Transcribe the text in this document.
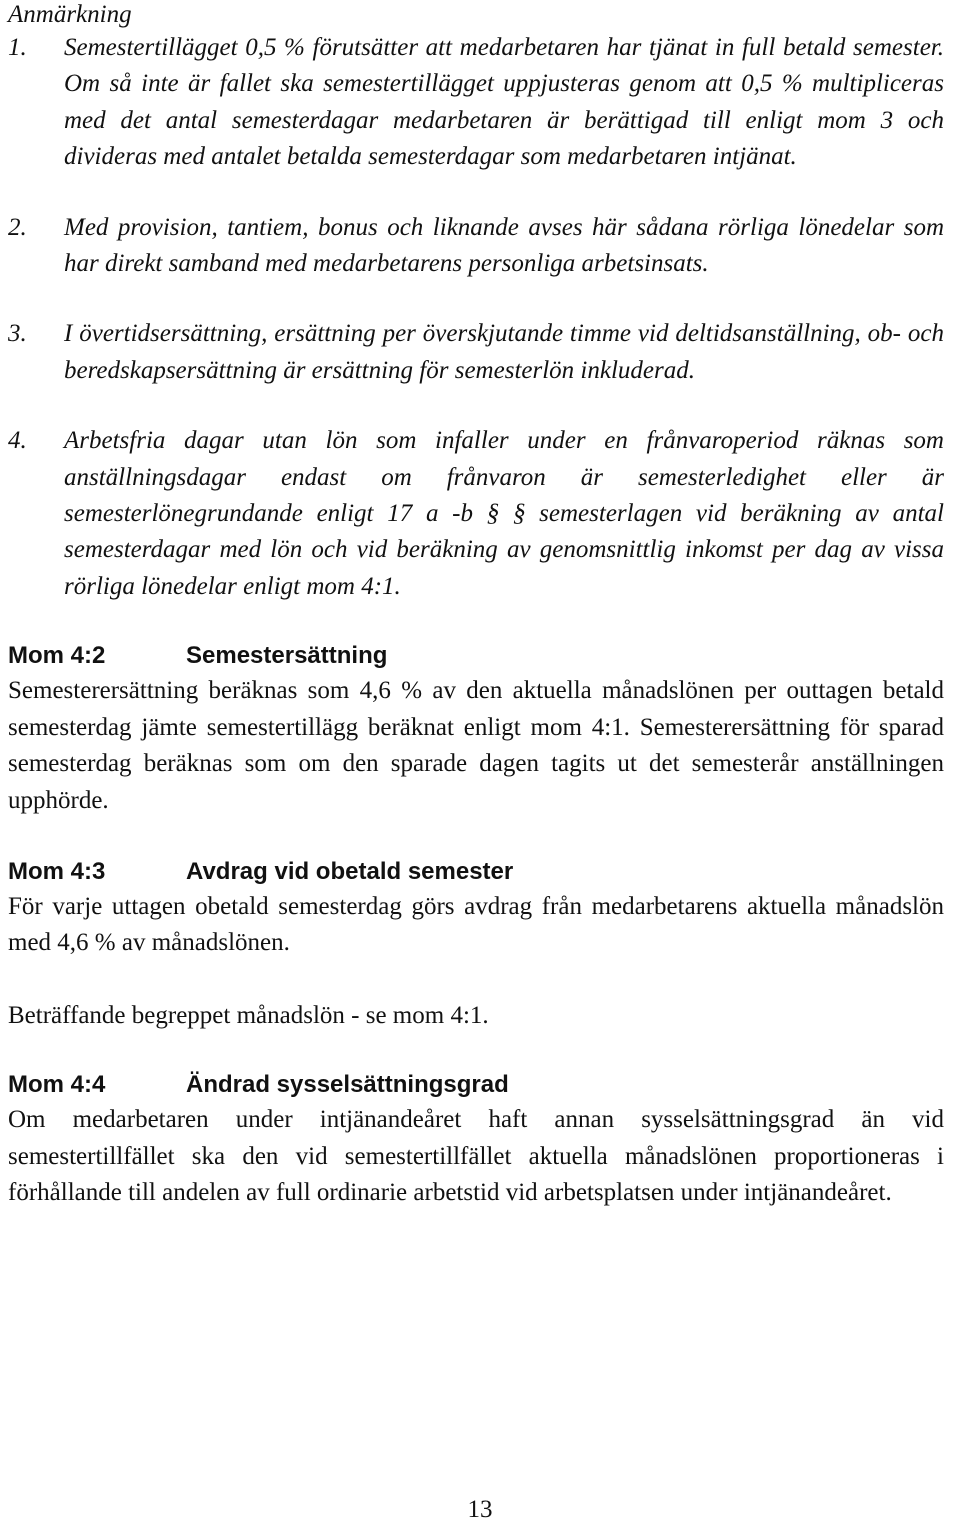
Anmärkning
1.	Semestertillägget 0,5 % förutsätter att medarbetaren har tjänat in full betald semester. Om så inte är fallet ska semestertillägget uppjusteras genom att 0,5 % multipliceras med det antal semesterdagar medarbetaren är berättigad till enligt mom 3 och divideras med antalet betalda semesterdagar som medarbetaren intjänat.
2.	Med provision, tantiem, bonus och liknande avses här sådana rörliga lönedelar som har direkt samband med medarbetarens personliga arbetsinsats.
3.	I övertidsersättning, ersättning per överskjutande timme vid deltidsanställning, ob- och beredskapsersättning är ersättning för semesterlön inkluderad.
4.	Arbetsfria dagar utan lön som infaller under en frånvaroperiod räknas som anställningsdagar endast om frånvaron är semesterledighet eller är semesterlönegrundande enligt 17 a -b § § semesterlagen vid beräkning av antal semesterdagar med lön och vid beräkning av genomsnittlig inkomst per dag av vissa rörliga lönedelar enligt mom 4:1.
Mom 4:2	Semestersättning

Semesterersättning beräknas som 4,6 % av den aktuella månadslönen per outtagen betald semesterdag jämte semestertillägg beräknat enligt mom 4:1. Semesterersättning för sparad semesterdag beräknas som om den sparade dagen tagits ut det semesterår anställningen upphörde.

Mom 4:3	Avdrag vid obetald semester

För varje uttagen obetald semesterdag görs avdrag från medarbetarens aktuella månadslön med 4,6 % av månadslönen.

Beträffande begreppet månadslön - se mom 4:1.

Mom 4:4	Ändrad sysselsättningsgrad

Om medarbetaren under intjänandeåret haft annan sysselsättningsgrad än vid semestertillfället ska den vid semestertillfället aktuella månadslönen proportioneras i förhållande till andelen av full ordinarie arbetstid vid arbetsplatsen under intjänandeåret.

13
